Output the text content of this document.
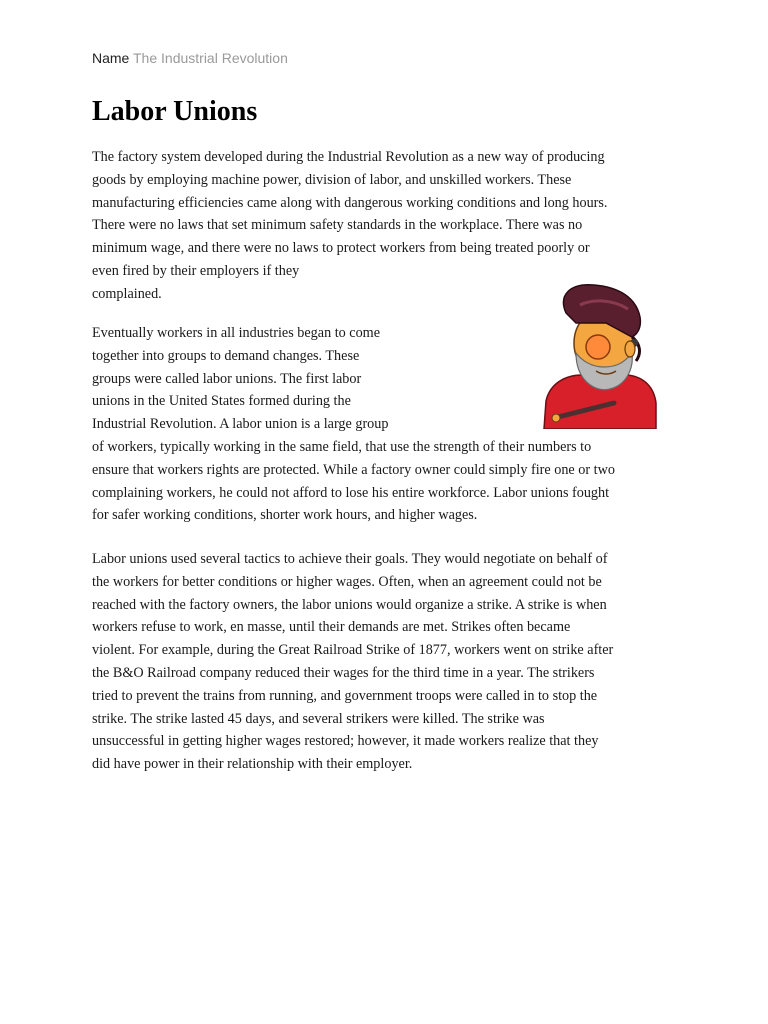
Name The Industrial Revolution
Labor Unions

The factory system developed during the Industrial Revolution as a new way of producing
goods by employing machine power, division of labor, and unskilled workers. These
manufacturing efficiencies came along with dangerous working conditions and long hours.
There were no laws that set minimum safety standards in the workplace. There was no
minimum wage, and there were no laws to protect workers from being treated poorly or
even fired by their employers if they
complained.

Eventually workers in all industries began to come
together into groups to demand changes. These
groups were called labor unions. The first labor
unions in the United States formed during the
Industrial Revolution. A labor union is a large group
of workers, typically working in the same field, that use the strength of their numbers to
ensure that workers rights are protected. While a factory owner could simply fire one or two
complaining workers, he could not afford to lose his entire workforce. Labor unions fought
for safer working conditions, shorter work hours, and higher wages.

Labor unions used several tactics to achieve their goals. They would negotiate on behalf of
the workers for better conditions or higher wages. Often, when an agreement could not be
reached with the factory owners, the labor unions would organize a strike. A strike is when
workers refuse to work, en masse, until their demands are met. Strikes often became
violent. For example, during the Great Railroad Strike of 1877, workers went on strike after
the B&O Railroad company reduced their wages for the third time in a year. The strikers
tried to prevent the trains from running, and government troops were called in to stop the
strike. The strike lasted 45 days, and several strikers were killed. The strike was
unsuccessful in getting higher wages restored; however, it made workers realize that they
did have power in their relationship with their employer.
